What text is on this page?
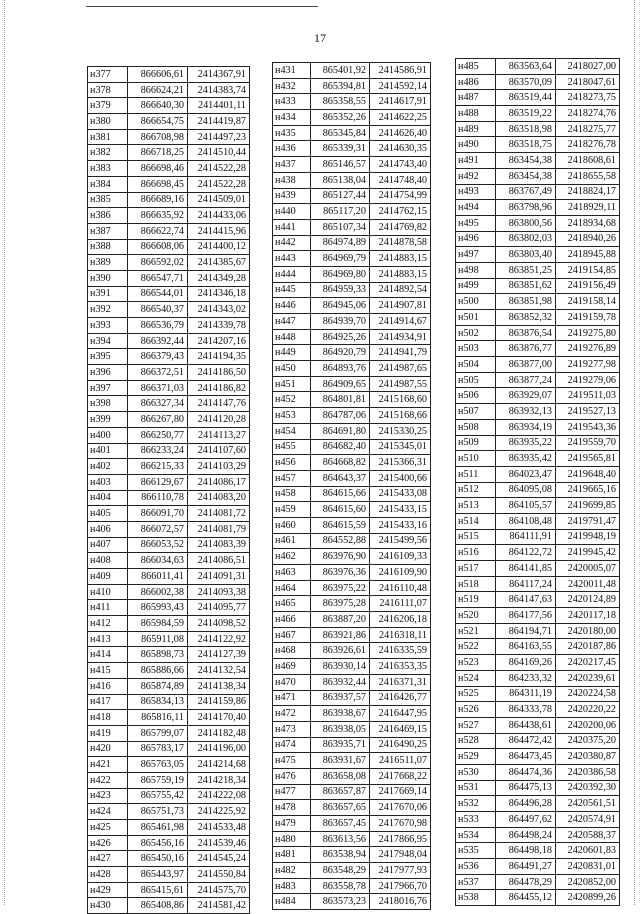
17
н377	866606,61	2414367,91
н378	866624,21	2414383,74
н379	866640,30	2414401,11
н380	866654,75	2414419,87
н381	866708,98	2414497,23
н382	866718,25	2414510,44
н383	866698,46	2414522,28
н384	866698,45	2414522,28
н385	866689,16	2414509,01
н386	866635,92	2414433,06
н387	866622,74	2414415,96
н388	866608,06	2414400,12
н389	866592,02	2414385,67
н390	866547,71	2414349,28
н391	866544,01	2414346,18
н392	866540,37	2414343,02
н393	866536,79	2414339,78
н394	866392,44	2414207,16
н395	866379,43	2414194,35
н396	866372,51	2414186,50
н397	866371,03	2414186,82
н398	866327,34	2414147,76
н399	866267,80	2414120,28
н400	866250,77	2414113,27
н401	866233,24	2414107,60
н402	866215,33	2414103,29
н403	866129,67	2414086,17
н404	866110,78	2414083,20
н405	866091,70	2414081,72
н406	866072,57	2414081,79
н407	866053,52	2414083,39
н408	866034,63	2414086,51
н409	866011,41	2414091,31
н410	866002,38	2414093,38
н411	865993,43	2414095,77
н412	865984,59	2414098,52
н413	865911,08	2414122,92
н414	865898,73	2414127,39
н415	865886,66	2414132,54
н416	865874,89	2414138,34
н417	865834,13	2414159,86
н418	865816,11	2414170,40
н419	865799,07	2414182,48
н420	865783,17	2414196,00
н421	865763,05	2414214,68
н422	865759,19	2414218,34
н423	865755,42	2414222,08
н424	865751,73	2414225,92
н425	865461,98	2414533,48
н426	865456,16	2414539,46
н427	865450,16	2414545,24
н428	865443,97	2414550,84
н429	865415,61	2414575,70
н430	865408,86	2414581,42
н431	865401,92	2414586,91
н432	865394,81	2414592,14
н433	865358,55	2414617,91
н434	865352,26	2414622,25
н435	865345,84	2414626,40
н436	865339,31	2414630,35
н437	865146,57	2414743,40
н438	865138,04	2414748,40
н439	865127,44	2414754,99
н440	865117,20	2414762,15
н441	865107,34	2414769,82
н442	864974,89	2414878,58
н443	864969,79	2414883,15
н444	864969,80	2414883,15
н445	864959,33	2414892,54
н446	864945,06	2414907,81
н447	864939,70	2414914,67
н448	864925,26	2414934,91
н449	864920,79	2414941,79
н450	864893,76	2414987,65
н451	864909,65	2414987,55
н452	864801,81	2415168,60
н453	864787,06	2415168,66
н454	864691,80	2415330,25
н455	864682,40	2415345,01
н456	864668,82	2415366,31
н457	864643,37	2415400,66
н458	864615,66	2415433,08
н459	864615,60	2415433,15
н460	864615,59	2415433,16
н461	864552,88	2415499,56
н462	863976,90	2416109,33
н463	863976,36	2416109,90
н464	863975,22	2416110,48
н465	863975,28	2416111,07
н466	863887,20	2416206,18
н467	863921,86	2416318,11
н468	863926,61	2416335,59
н469	863930,14	2416353,35
н470	863932,44	2416371,31
н471	863937,57	2416426,77
н472	863938,67	2416447,95
н473	863938,05	2416469,15
н474	863935,71	2416490,25
н475	863931,67	2416511,07
н476	863658,08	2417668,22
н477	863657,87	2417669,14
н478	863657,65	2417670,06
н479	863657,45	2417670,98
н480	863613,56	2417866,95
н481	863538,94	2417948,04
н482	863548,29	2417977,93
н483	863558,78	2417966,70
н484	863573,23	2418016,76
н485	863563,64	2418027,00
н486	863570,09	2418047,61
н487	863519,44	2418273,75
н488	863519,22	2418274,76
н489	863518,98	2418275,77
н490	863518,75	2418276,78
н491	863454,38	2418608,61
н492	863454,38	2418655,58
н493	863767,49	2418824,17
н494	863798,96	2418929,11
н495	863800,56	2418934,68
н496	863802,03	2418940,26
н497	863803,40	2418945,88
н498	863851,25	2419154,85
н499	863851,62	2419156,49
н500	863851,98	2419158,14
н501	863852,32	2419159,78
н502	863876,54	2419275,80
н503	863876,77	2419276,89
н504	863877,00	2419277,98
н505	863877,24	2419279,06
н506	863929,07	2419511,03
н507	863932,13	2419527,13
н508	863934,19	2419543,36
н509	863935,22	2419559,70
н510	863935,42	2419565,81
н511	864023,47	2419648,40
н512	864095,08	2419665,16
н513	864105,57	2419699,85
н514	864108,48	2419791,47
н515	864111,91	2419948,19
н516	864122,72	2419945,42
н517	864141,85	2420005,07
н518	864117,24	2420011,48
н519	864147,63	2420124,89
н520	864177,56	2420117,18
н521	864194,71	2420180,00
н522	864163,55	2420187,86
н523	864169,26	2420217,45
н524	864233,32	2420239,61
н525	864311,19	2420224,58
н526	864333,78	2420220,22
н527	864438,61	2420200,06
н528	864472,42	2420375,20
н529	864473,45	2420380,87
н530	864474,36	2420386,58
н531	864475,13	2420392,30
н532	864496,28	2420561,51
н533	864497,62	2420574,91
н534	864498,24	2420588,37
н535	864498,18	2420601,83
н536	864491,27	2420831,01
н537	864478,29	2420852,00
н538	864455,12	2420899,26
